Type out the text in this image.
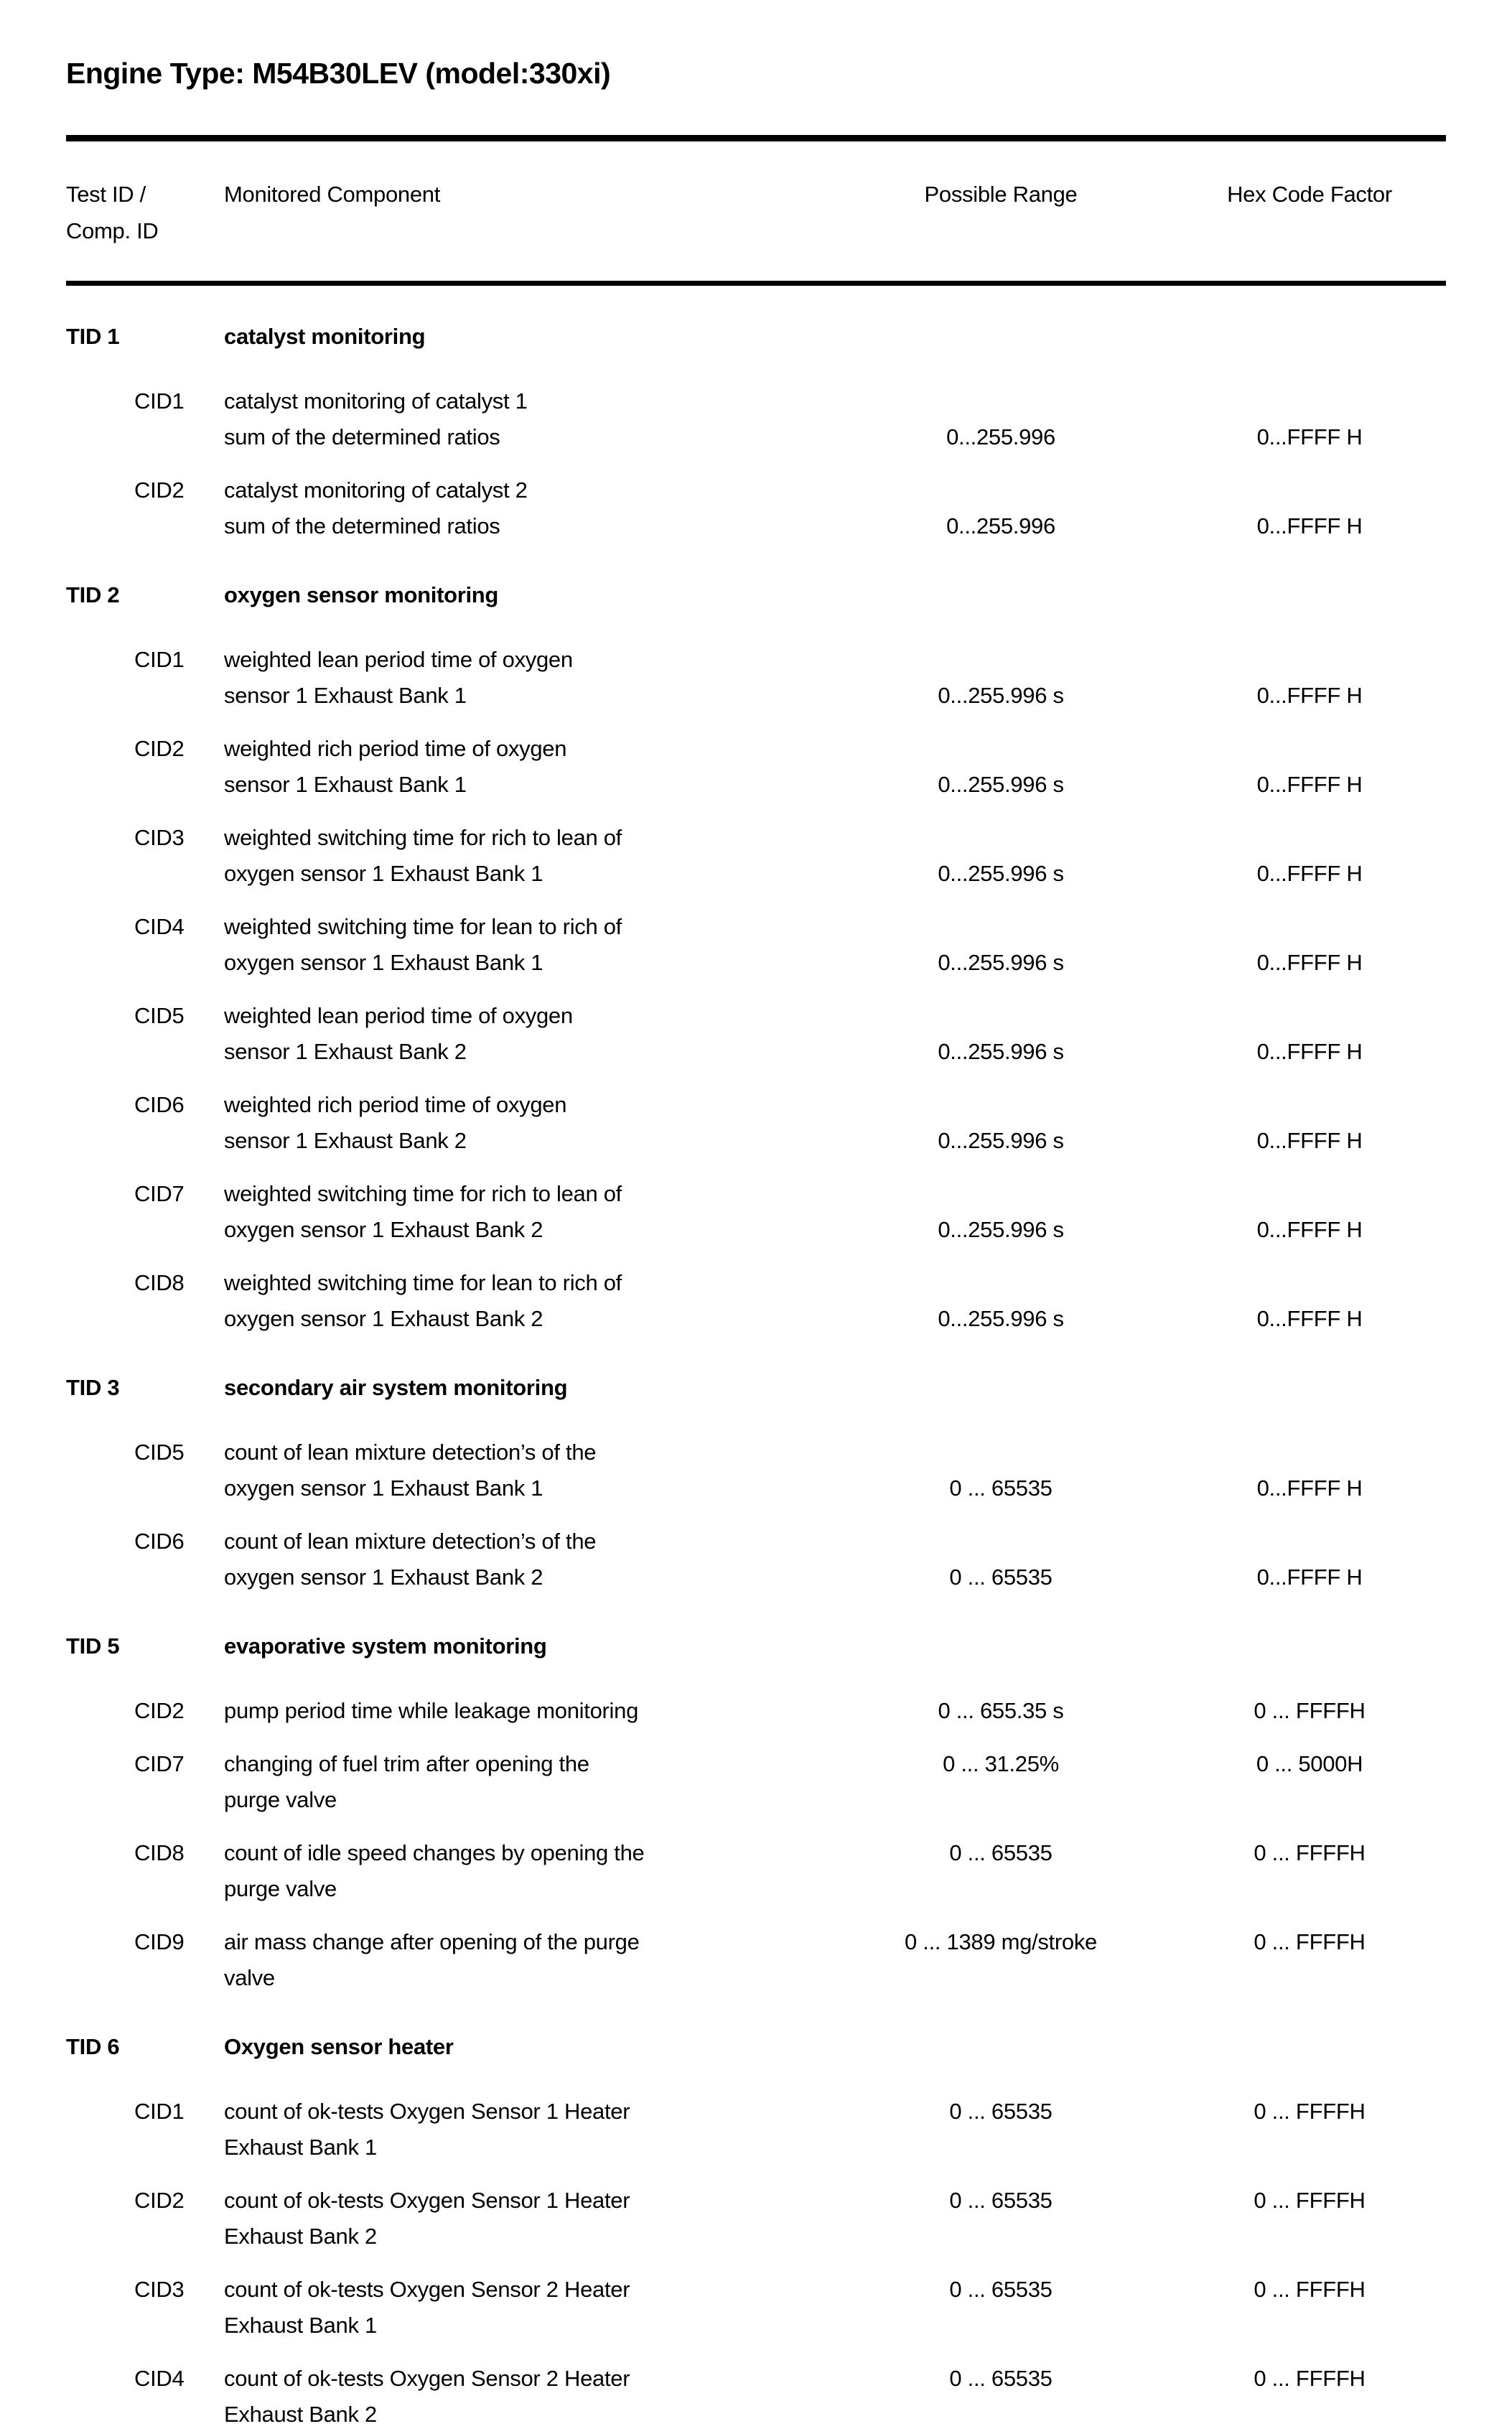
Engine Type: M54B30LEV (model:330xi)
Test ID /
Comp. ID
Monitored Component	Possible Range	Hex Code Factor
TID 1	catalyst monitoring
CID1	catalyst monitoring of catalyst 1
sum of the determined ratios	0...255.996	0...FFFF H
CID2	catalyst monitoring of catalyst 2
sum of the determined ratios	0...255.996	0...FFFF H
TID 2	oxygen sensor monitoring
CID1	weighted lean period time of oxygen
sensor 1 Exhaust Bank 1	0...255.996 s	0...FFFF H
CID2	weighted rich period time of oxygen
sensor 1 Exhaust Bank 1	0...255.996 s	0...FFFF H
CID3	weighted switching time for rich to lean of
oxygen sensor 1 Exhaust Bank 1	0...255.996 s	0...FFFF H
CID4	weighted switching time for lean to rich of
oxygen sensor 1 Exhaust Bank 1	0...255.996 s	0...FFFF H
CID5	weighted lean period time of oxygen
sensor 1 Exhaust Bank 2	0...255.996 s	0...FFFF H
CID6	weighted rich period time of oxygen
sensor 1 Exhaust Bank 2	0...255.996 s	0...FFFF H
CID7	weighted switching time for rich to lean of
oxygen sensor 1 Exhaust Bank 2	0...255.996 s	0...FFFF H
CID8	weighted switching time for lean to rich of
oxygen sensor 1 Exhaust Bank 2	0...255.996 s	0...FFFF H
TID 3	secondary air system monitoring
CID5	count of lean mixture detection’s of the
oxygen sensor 1 Exhaust Bank 1	0 ... 65535	0...FFFF H
CID6	count of lean mixture detection’s of the
oxygen sensor 1 Exhaust Bank 2	0 ... 65535	0...FFFF H
TID 5	evaporative system monitoring
CID2	pump period time while leakage monitoring	0 ... 655.35 s	0 ... FFFFH
CID7	changing of fuel trim after opening the
purge valve
0 ... 31.25%	0 ... 5000H
CID8	count of idle speed changes by opening the
purge valve
0 ... 65535	0 ... FFFFH
CID9	air mass change after opening of the purge
valve
0 ... 1389 mg/stroke	0 ... FFFFH
TID 6	Oxygen sensor heater
CID1	count of ok-tests Oxygen Sensor 1 Heater
Exhaust Bank 1
0 ... 65535	0 ... FFFFH
CID2	count of ok-tests Oxygen Sensor 1 Heater
Exhaust Bank 2
0 ... 65535	0 ... FFFFH
CID3	count of ok-tests Oxygen Sensor 2 Heater
Exhaust Bank 1
0 ... 65535	0 ... FFFFH
CID4	count of ok-tests Oxygen Sensor 2 Heater
Exhaust Bank 2
0 ... 65535	0 ... FFFFH
